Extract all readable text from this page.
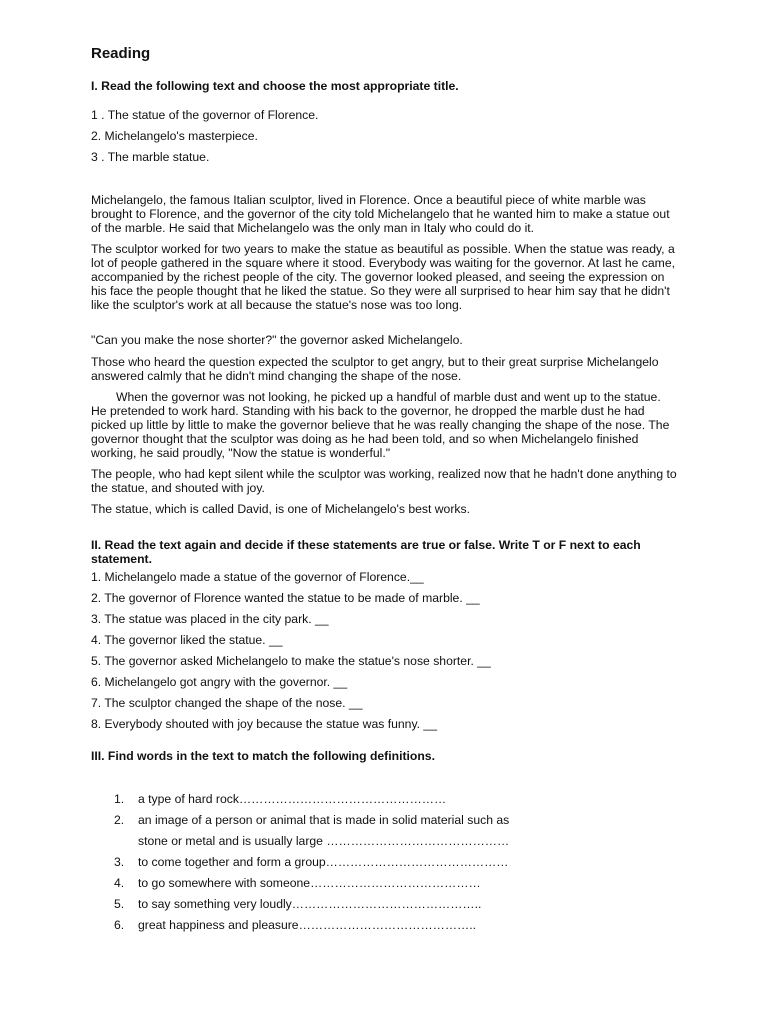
Reading
I. Read the following text and choose the most appropriate title.
1 . The statue of the governor of Florence.
2. Michelangelo's masterpiece.
3 . The marble statue.
Michelangelo, the famous Italian sculptor, lived in Florence. Once a beautiful piece of white marble was brought to Florence, and the governor of the city told Michelangelo that he wanted him to make a statue out of the marble. He said that Michelangelo was the only man in Italy who could do it.
The sculptor worked for two years to make the statue as beautiful as possible. When the statue was ready, a lot of people gathered in the square where it stood. Everybody was waiting for the governor. At last he came, accompanied by the richest people of the city. The governor looked pleased, and seeing the expression on his face the people thought that he liked the statue. So they were all surprised to hear him say that he didn't like the sculptor's work at all because the statue's nose was too long.
"Can you make the nose shorter?" the governor asked Michelangelo.
Those who heard the question expected the sculptor to get angry, but to their great surprise Michelangelo answered calmly that he didn't mind changing the shape of the nose.
When the governor was not looking, he picked up a handful of marble dust and went up to the statue. He pretended to work hard. Standing with his back to the governor, he dropped the marble dust he had picked up little by little to make the governor believe that he was really changing the shape of the nose. The governor thought that the sculptor was doing as he had been told, and so when Michelangelo finished working, he said proudly, "Now the statue is wonderful."
The people, who had kept silent while the sculptor was working, realized now that he hadn't done anything to the statue, and shouted with joy.
The statue, which is called David, is one of Michelangelo's best works.
II. Read the text again and decide if these statements are true or false. Write T or F next to each statement.
1. Michelangelo made a statue of the governor of Florence.__
2. The governor of Florence wanted the statue to be made of marble. __
3. The statue was placed in the city park. __
4. The governor liked the statue. __
5. The governor asked Michelangelo to make the statue's nose shorter. __
6. Michelangelo got angry with the governor. __
7. The sculptor changed the shape of the nose. __
8. Everybody shouted with joy because the statue was funny. __
III. Find words in the text to match the following definitions.
1. a type of hard rock……………………………………………
2. an image of a person or animal that is made in solid material such as
stone or metal and is usually large ………………………………………
3. to come together and form a group………………………………………
4. to go somewhere with someone……………………………………
5. to say something very loudly………………………………………..
6. great happiness and pleasure……………………………………..
